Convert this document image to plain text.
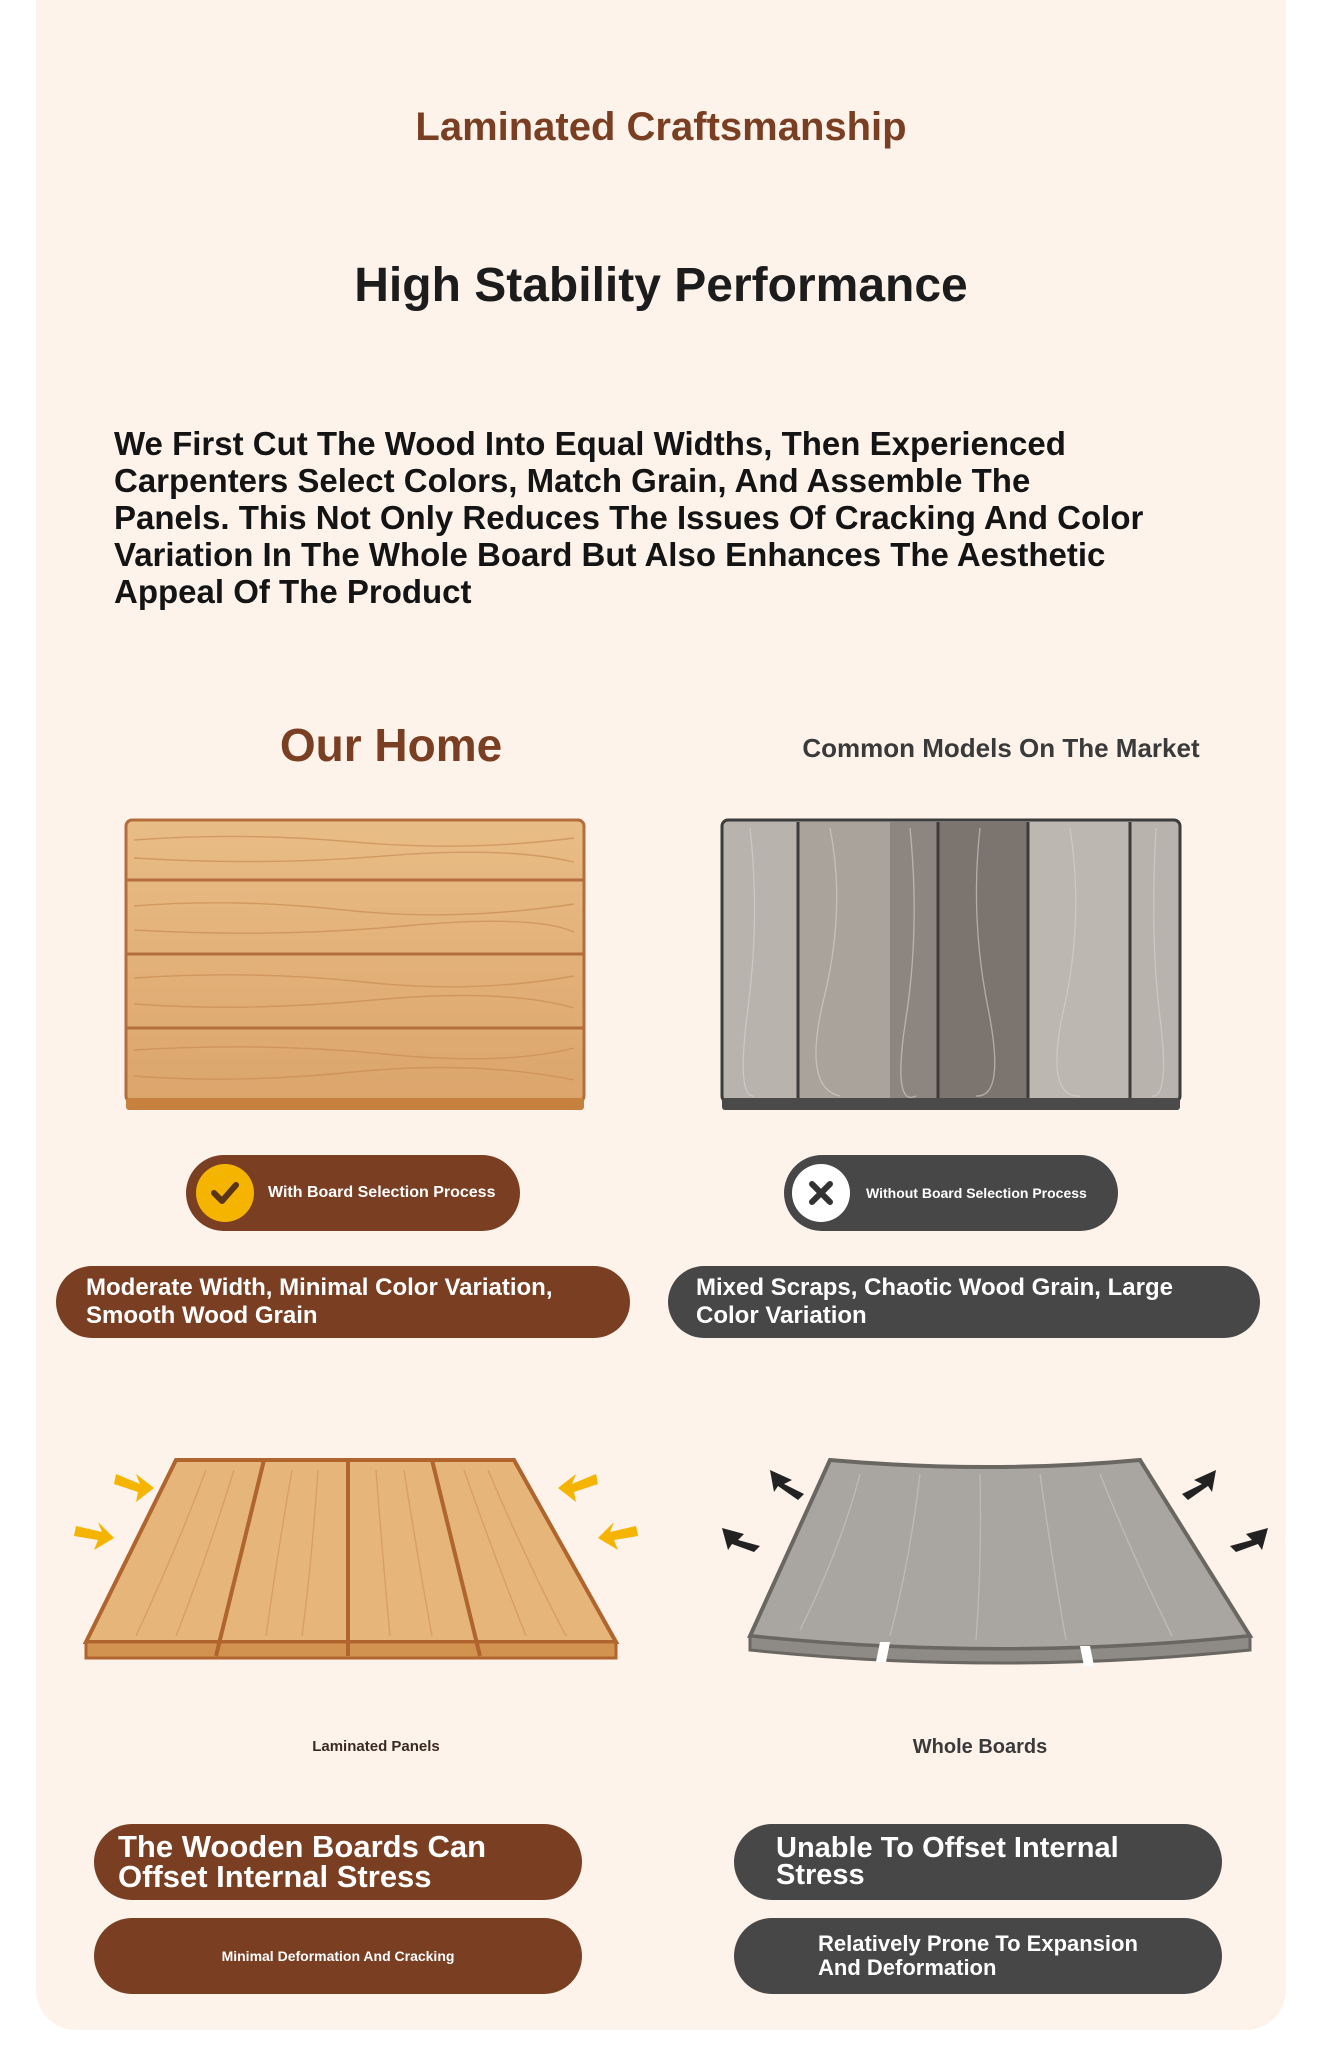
Laminated Craftsmanship
High Stability Performance
We First Cut The Wood Into Equal Widths, Then Experienced Carpenters Select Colors, Match Grain, And Assemble The Panels. This Not Only Reduces The Issues Of Cracking And Color Variation In The Whole Board But Also Enhances The Aesthetic Appeal Of The Product
Our Home	Common Models On The Market
With Board Selection Process	Without Board Selection Process
Moderate Width, Minimal Color Variation, Smooth Wood Grain
Mixed Scraps, Chaotic Wood Grain, Large Color Variation
Laminated Panels	Whole Boards
The Wooden Boards Can Offset Internal Stress
Minimal Deformation And Cracking
Unable To Offset Internal Stress
Relatively Prone To Expansion And Deformation
